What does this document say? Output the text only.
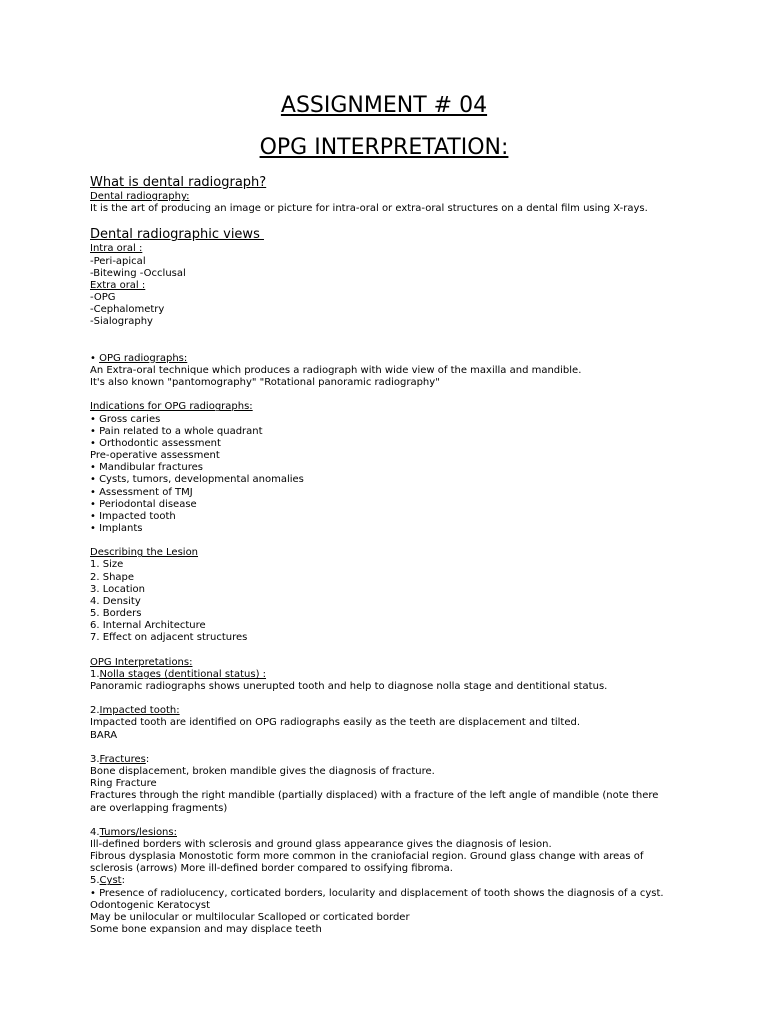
ASSIGNMENT # 04
OPG INTERPRETATION:

What is dental radiograph?

Dental radiography:

It is the art of producing an image or picture for intra-oral or extra-oral structures on a dental film using X-rays.

Dental radiographic views

Intra oral :

-Peri-apical

-Bitewing -Occlusal

Extra oral :

-OPG

-Cephalometry

-Sialography

• OPG radiographs:

An Extra-oral technique which produces a radiograph with wide view of the maxilla and mandible.

It's also known "pantomography" "Rotational panoramic radiography"

Indications for OPG radiographs:

• Gross caries

• Pain related to a whole quadrant

• Orthodontic assessment

Pre-operative assessment

• Mandibular fractures

• Cysts, tumors, developmental anomalies

• Assessment of TMJ

• Periodontal disease

• Impacted tooth

• Implants

Describing the Lesion

1. Size

2. Shape

3. Location

4. Density

5. Borders

6. Internal Architecture

7. Effect on adjacent structures

OPG Interpretations:

1.Nolla stages (dentitional status) :

Panoramic radiographs shows unerupted tooth and help to diagnose nolla stage and dentitional status.

2.Impacted tooth:

Impacted tooth are identified on OPG radiographs easily as the teeth are displacement and tilted.

BARA

3.Fractures:

Bone displacement, broken mandible gives the diagnosis of fracture.

Ring Fracture

Fractures through the right mandible (partially displaced) with a fracture of the left angle of mandible (note there

are overlapping fragments)

4.Tumors/lesions:

Ill-defined borders with sclerosis and ground glass appearance gives the diagnosis of lesion.

Fibrous dysplasia Monostotic form more common in the craniofacial region. Ground glass change with areas of

sclerosis (arrows) More ill-defined border compared to ossifying fibroma.

5.Cyst:

• Presence of radiolucency, corticated borders, locularity and displacement of tooth shows the diagnosis of a cyst.

Odontogenic Keratocyst

May be unilocular or multilocular Scalloped or corticated border

Some bone expansion and may displace teeth
